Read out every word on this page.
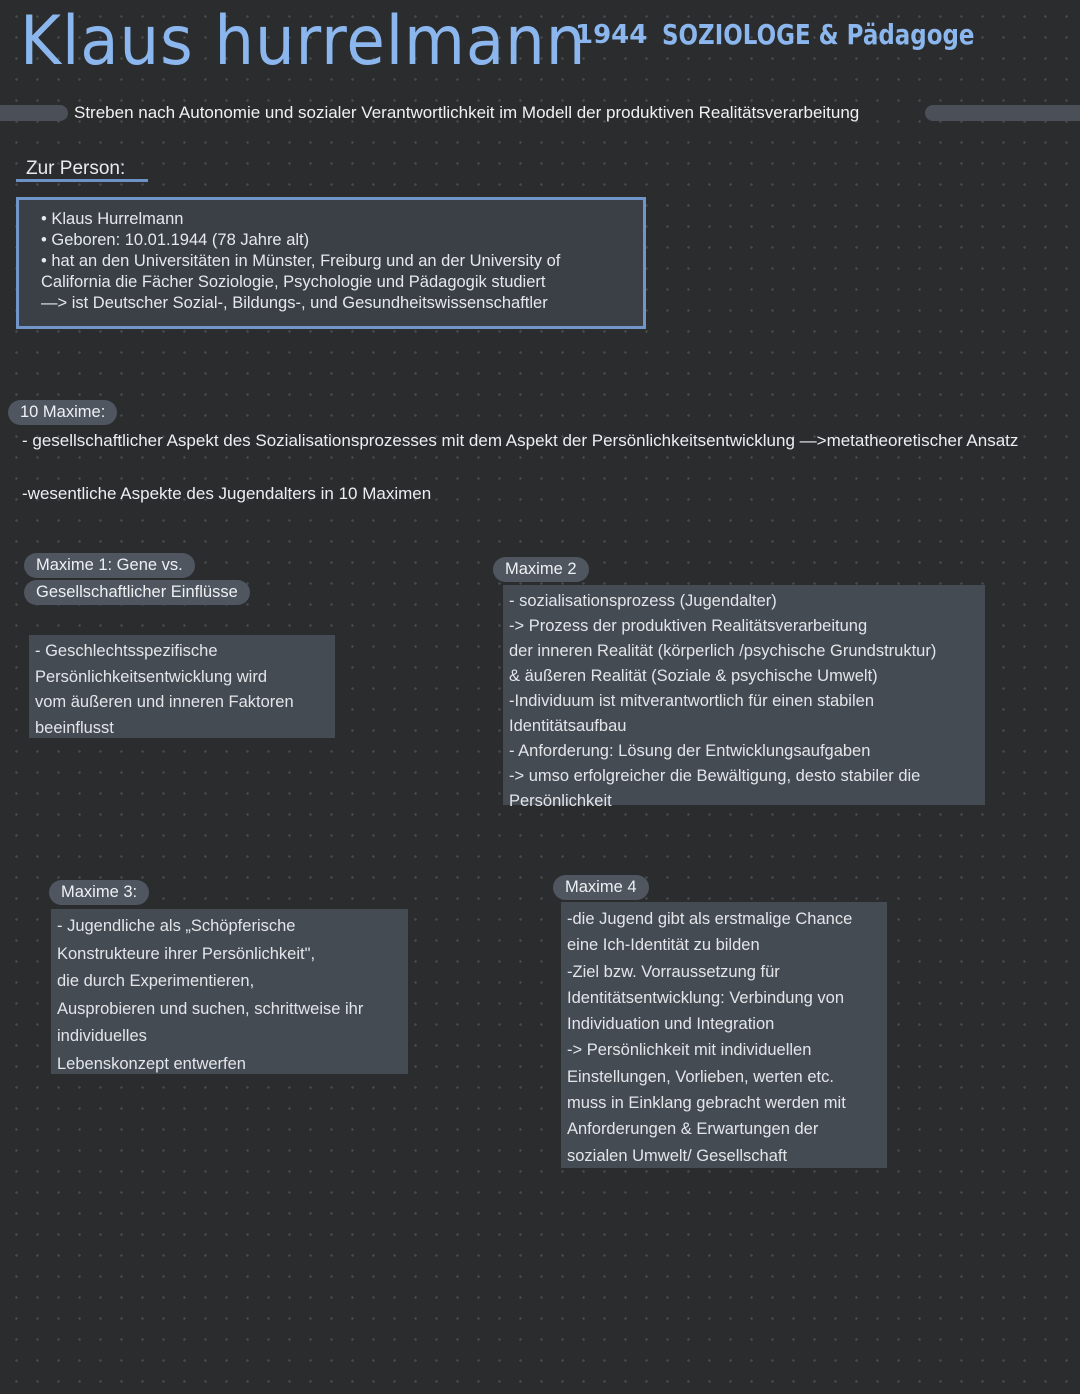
Klaus hurrelmann
1944 SOZIOLOGE & Pädagoge
Streben nach Autonomie und sozialer Verantwortlichkeit im Modell der produktiven Realitätsverarbeitung
Zur Person:
• Klaus Hurrelmann
• Geboren: 10.01.1944 (78 Jahre alt)
• hat an den Universitäten in Münster, Freiburg und an der University of
California die Fächer Soziologie, Psychologie und Pädagogik studiert
—> ist Deutscher Sozial-, Bildungs-, und Gesundheitswissenschaftler
10 Maxime:
- gesellschaftlicher Aspekt des Sozialisationsprozesses mit dem Aspekt der Persönlichkeitsentwicklung —>metatheoretischer Ansatz
-wesentliche Aspekte des Jugendalters in 10 Maximen
Maxime 1: Gene vs.
Gesellschaftlicher Einflüsse
- Geschlechtsspezifische
Persönlichkeitsentwicklung wird
vom äußeren und inneren Faktoren
beeinflusst
Maxime 2
- sozialisationsprozess (Jugendalter)
-> Prozess der produktiven Realitätsverarbeitung
der inneren Realität (körperlich /psychische Grundstruktur)
& äußeren Realität (Soziale & psychische Umwelt)
-Individuum ist mitverantwortlich für einen stabilen
Identitätsaufbau
- Anforderung: Lösung der Entwicklungsaufgaben
-> umso erfolgreicher die Bewältigung, desto stabiler die
Persönlichkeit
Maxime 3:
- Jugendliche als „Schöpferische
Konstrukteure ihrer Persönlichkeit",
die durch Experimentieren,
Ausprobieren und suchen, schrittweise ihr
individuelles
Lebenskonzept entwerfen
Maxime 4
-die Jugend gibt als erstmalige Chance
eine Ich-Identität zu bilden
-Ziel bzw. Vorraussetzung für
Identitätsentwicklung: Verbindung von
Individuation und Integration
-> Persönlichkeit mit individuellen
Einstellungen, Vorlieben, werten etc.
muss in Einklang gebracht werden mit
Anforderungen & Erwartungen der
sozialen Umwelt/ Gesellschaft
